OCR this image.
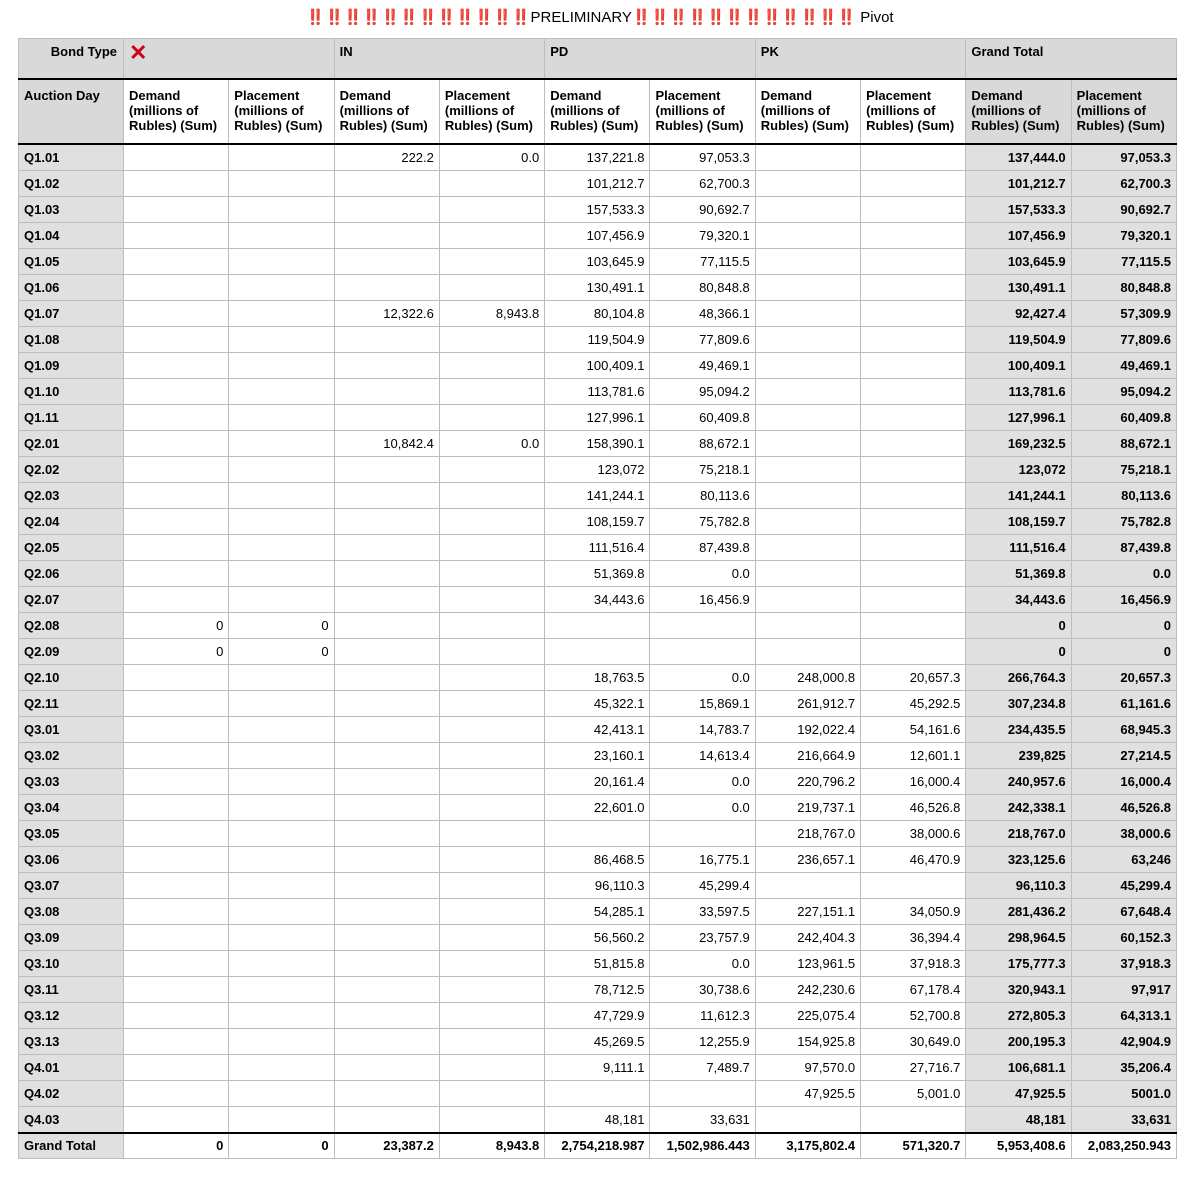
‼️‼️‼️‼️‼️‼️‼️‼️‼️‼️‼️‼️PRELIMINARY‼️‼️‼️‼️‼️‼️‼️‼️‼️‼️‼️‼️ Pivot
Bond Type	✕		IN		PD		PK		Grand Total	
Auction Day	Demand (millions of Rubles) (Sum)	Placement (millions of Rubles) (Sum)	Demand (millions of Rubles) (Sum)	Placement (millions of Rubles) (Sum)	Demand (millions of Rubles) (Sum)	Placement (millions of Rubles) (Sum)	Demand (millions of Rubles) (Sum)	Placement (millions of Rubles) (Sum)	Demand (millions of Rubles) (Sum)	Placement (millions of Rubles) (Sum)
Q1.01			222.2	0.0	137,221.8	97,053.3			137,444.0	97,053.3
Q1.02					101,212.7	62,700.3			101,212.7	62,700.3
Q1.03					157,533.3	90,692.7			157,533.3	90,692.7
Q1.04					107,456.9	79,320.1			107,456.9	79,320.1
Q1.05					103,645.9	77,115.5			103,645.9	77,115.5
Q1.06					130,491.1	80,848.8			130,491.1	80,848.8
Q1.07			12,322.6	8,943.8	80,104.8	48,366.1			92,427.4	57,309.9
Q1.08					119,504.9	77,809.6			119,504.9	77,809.6
Q1.09					100,409.1	49,469.1			100,409.1	49,469.1
Q1.10					113,781.6	95,094.2			113,781.6	95,094.2
Q1.11					127,996.1	60,409.8			127,996.1	60,409.8
Q2.01			10,842.4	0.0	158,390.1	88,672.1			169,232.5	88,672.1
Q2.02					123,072	75,218.1			123,072	75,218.1
Q2.03					141,244.1	80,113.6			141,244.1	80,113.6
Q2.04					108,159.7	75,782.8			108,159.7	75,782.8
Q2.05					111,516.4	87,439.8			111,516.4	87,439.8
Q2.06					51,369.8	0.0			51,369.8	0.0
Q2.07					34,443.6	16,456.9			34,443.6	16,456.9
Q2.08	0	0							0	0
Q2.09	0	0							0	0
Q2.10					18,763.5	0.0	248,000.8	20,657.3	266,764.3	20,657.3
Q2.11					45,322.1	15,869.1	261,912.7	45,292.5	307,234.8	61,161.6
Q3.01					42,413.1	14,783.7	192,022.4	54,161.6	234,435.5	68,945.3
Q3.02					23,160.1	14,613.4	216,664.9	12,601.1	239,825	27,214.5
Q3.03					20,161.4	0.0	220,796.2	16,000.4	240,957.6	16,000.4
Q3.04					22,601.0	0.0	219,737.1	46,526.8	242,338.1	46,526.8
Q3.05							218,767.0	38,000.6	218,767.0	38,000.6
Q3.06					86,468.5	16,775.1	236,657.1	46,470.9	323,125.6	63,246
Q3.07					96,110.3	45,299.4			96,110.3	45,299.4
Q3.08					54,285.1	33,597.5	227,151.1	34,050.9	281,436.2	67,648.4
Q3.09					56,560.2	23,757.9	242,404.3	36,394.4	298,964.5	60,152.3
Q3.10					51,815.8	0.0	123,961.5	37,918.3	175,777.3	37,918.3
Q3.11					78,712.5	30,738.6	242,230.6	67,178.4	320,943.1	97,917
Q3.12					47,729.9	11,612.3	225,075.4	52,700.8	272,805.3	64,313.1
Q3.13					45,269.5	12,255.9	154,925.8	30,649.0	200,195.3	42,904.9
Q4.01					9,111.1	7,489.7	97,570.0	27,716.7	106,681.1	35,206.4
Q4.02							47,925.5	5,001.0	47,925.5	5001.0
Q4.03					48,181	33,631			48,181	33,631
Grand Total	0	0	23,387.2	8,943.8	2,754,218.987	1,502,986.443	3,175,802.4	571,320.7	5,953,408.6	2,083,250.943
